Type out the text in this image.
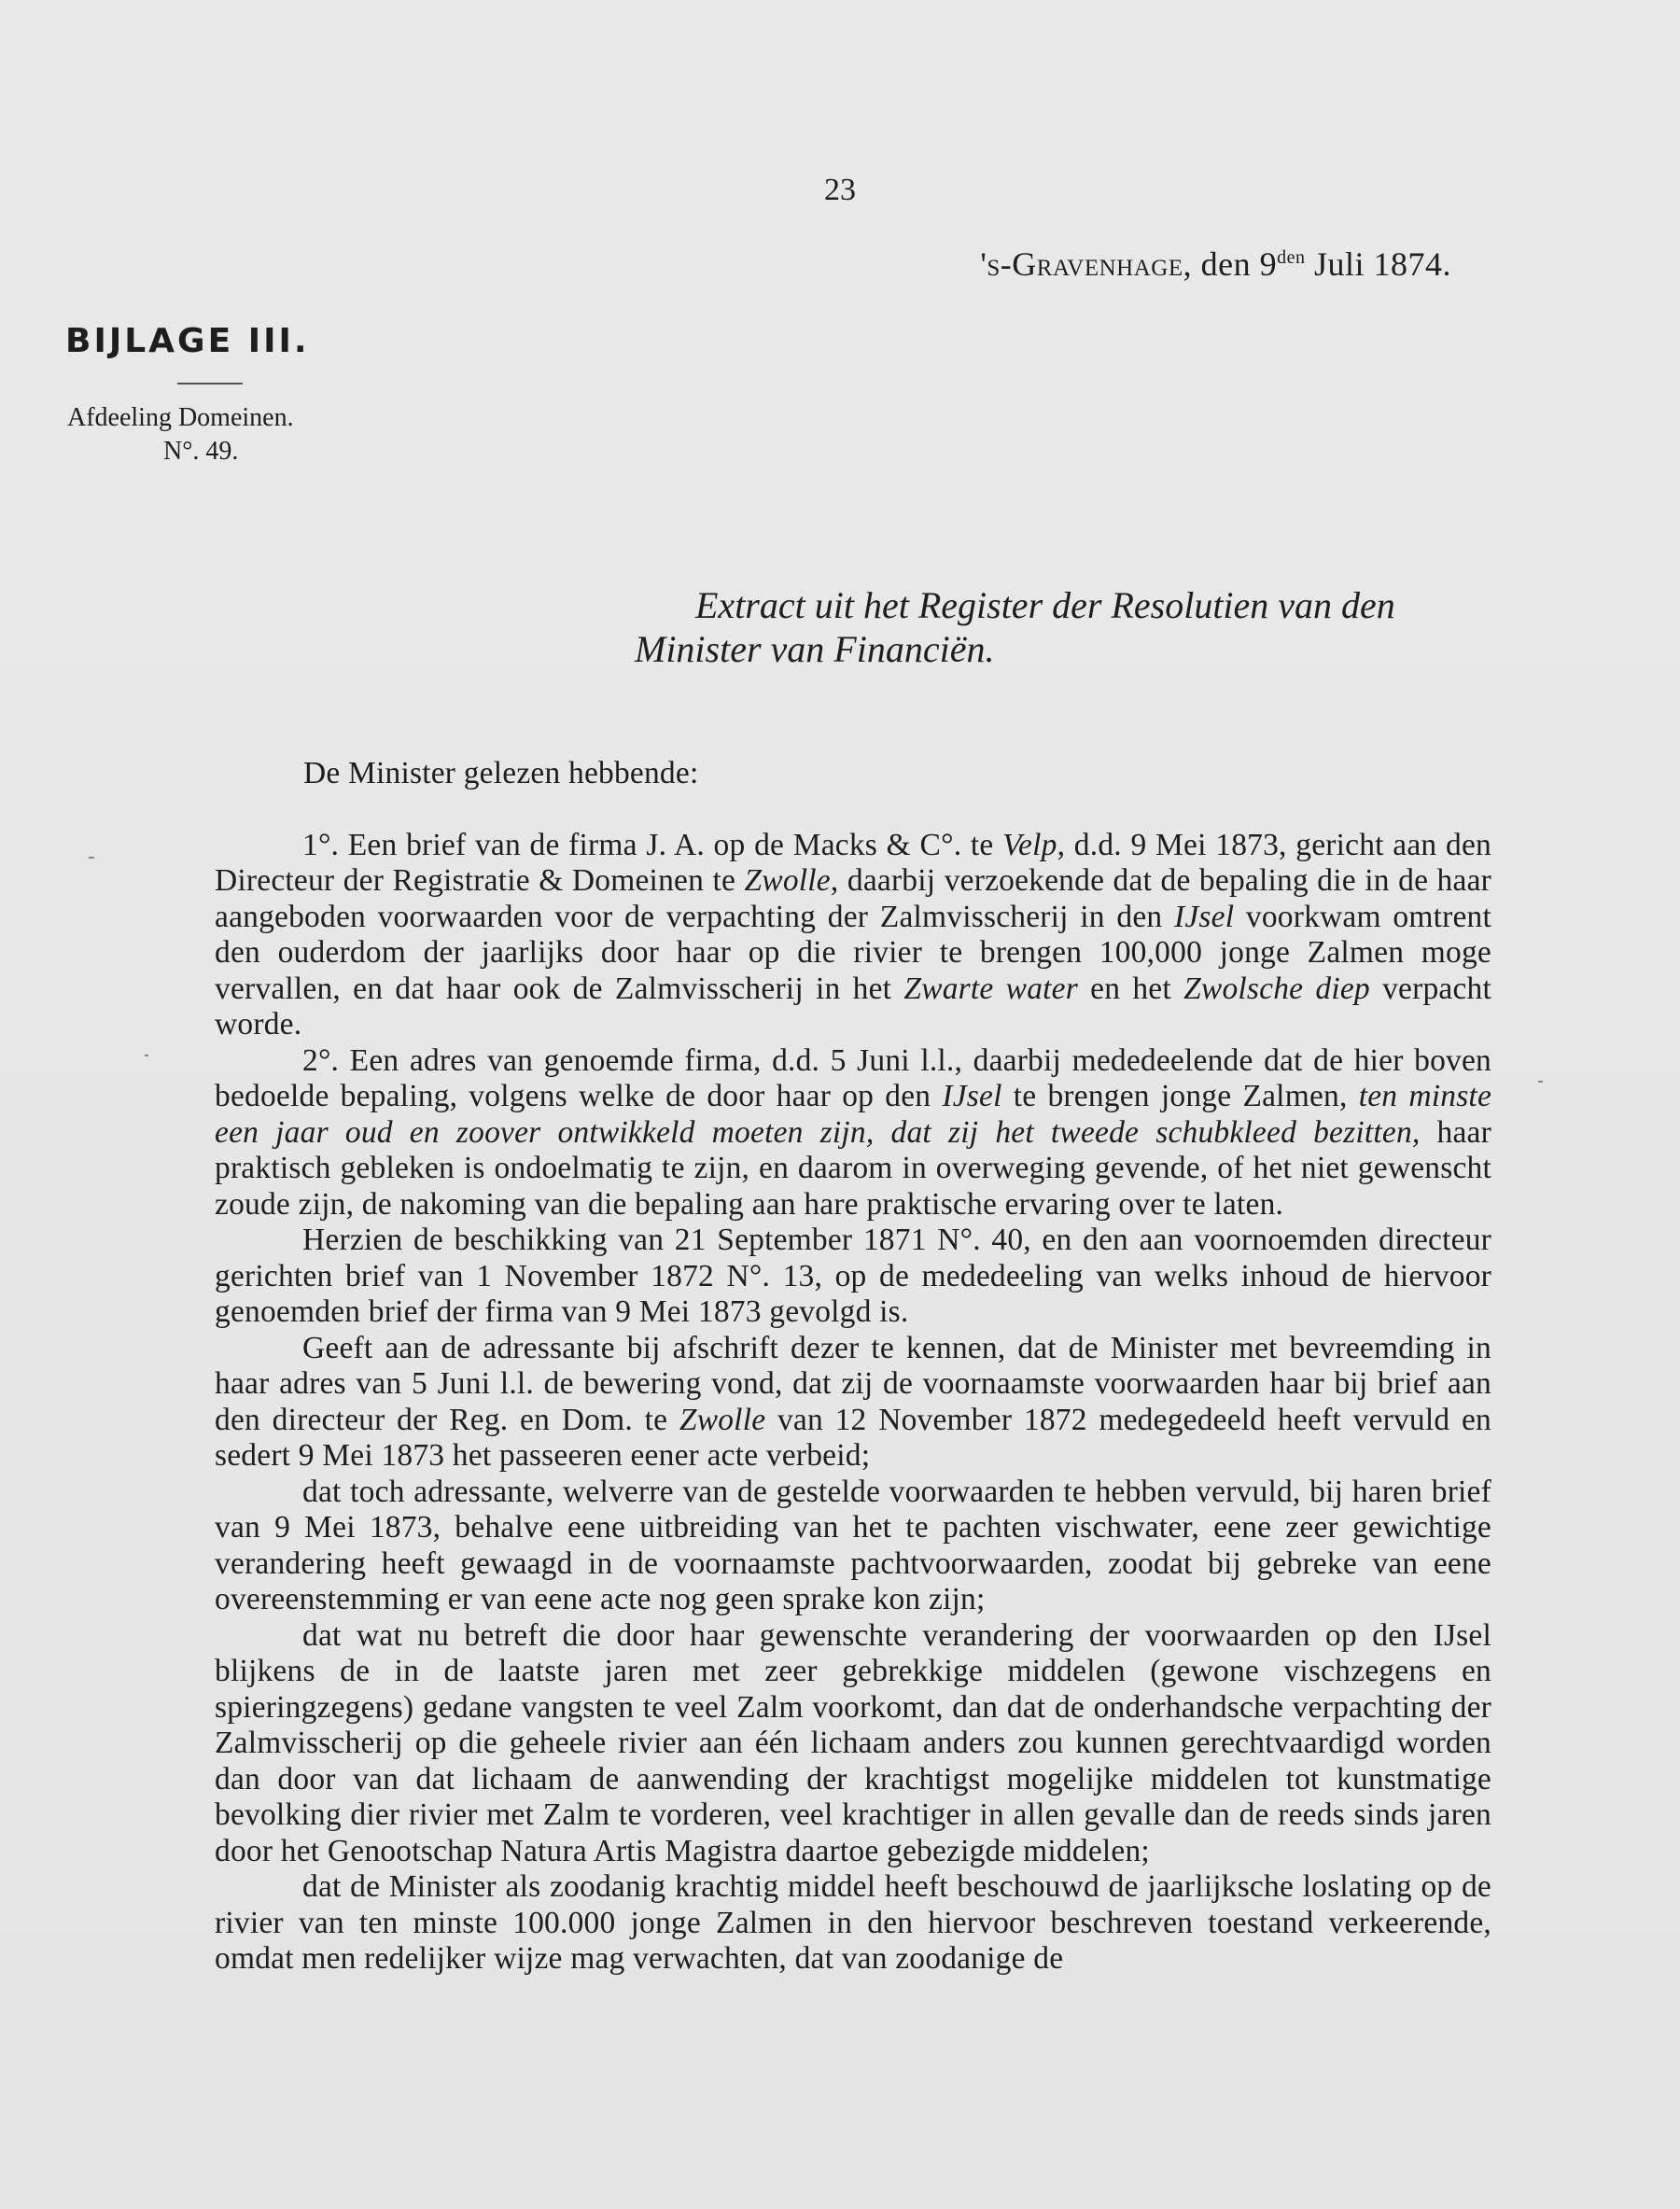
23
's-Gravenhage, den $9^{den}$ Juli 1874.
BIJLAGE III.
Afdeeling Domeinen.
N°. 49.
Extract uit het Register der Resolutien van den
Minister van Financiën.

De Minister gelezen hebbende:

1°. Een brief van de firma J. A. op de Macks & C°. te Velp, d.d. 9 Mei 1873, gericht aan den Directeur der Registratie & Domeinen te Zwolle, daarbij verzoekende dat de bepaling die in de haar aangeboden voorwaarden voor de verpachting der Zalmvisscherij in den IJsel voorkwam omtrent den ouderdom der jaarlijks door haar op die rivier te brengen 100,000 jonge Zalmen moge vervallen, en dat haar ook de Zalmvisscherij in het Zwarte water en het Zwolsche diep verpacht worde.

2°. Een adres van genoemde firma, d.d. 5 Juni l.l., daarbij mededeelende dat de hier boven bedoelde bepaling, volgens welke de door haar op den IJsel te brengen jonge Zalmen, ten minste een jaar oud en zoover ontwikkeld moeten zijn, dat zij het tweede schubkleed bezitten, haar praktisch gebleken is ondoelmatig te zijn, en daarom in overweging gevende, of het niet gewenscht zoude zijn, de nakoming van die bepaling aan hare praktische ervaring over te laten.

Herzien de beschikking van 21 September 1871 N°. 40, en den aan voornoemden directeur gerichten brief van 1 November 1872 N°. 13, op de mededeeling van welks inhoud de hiervoor genoemden brief der firma van 9 Mei 1873 gevolgd is.

Geeft aan de adressante bij afschrift dezer te kennen, dat de Minister met bevreemding in haar adres van 5 Juni l.l. de bewering vond, dat zij de voornaamste voorwaarden haar bij brief aan den directeur der Reg. en Dom. te Zwolle van 12 November 1872 medegedeeld heeft vervuld en sedert 9 Mei 1873 het passeeren eener acte verbeid;

dat toch adressante, welverre van de gestelde voorwaarden te hebben vervuld, bij haren brief van 9 Mei 1873, behalve eene uitbreiding van het te pachten vischwater, eene zeer gewichtige verandering heeft gewaagd in de voornaamste pachtvoorwaarden, zoodat bij gebreke van eene overeenstemming er van eene acte nog geen sprake kon zijn;

dat wat nu betreft die door haar gewenschte verandering der voorwaarden op den IJsel blijkens de in de laatste jaren met zeer gebrekkige middelen (gewone vischzegens en spieringzegens) gedane vangsten te veel Zalm voorkomt, dan dat de onderhandsche verpachting der Zalmvisscherij op die geheele rivier aan één lichaam anders zou kunnen gerechtvaardigd worden dan door van dat lichaam de aanwending der krachtigst mogelijke middelen tot kunstmatige bevolking dier rivier met Zalm te vorderen, veel krachtiger in allen gevalle dan de reeds sinds jaren door het Genootschap Natura Artis Magistra daartoe gebezigde middelen;

dat de Minister als zoodanig krachtig middel heeft beschouwd de jaarlijksche loslating op de rivier van ten minste 100.000 jonge Zalmen in den hiervoor beschreven toestand verkeerende, omdat men redelijker wijze mag verwachten, dat van zoodanige de
